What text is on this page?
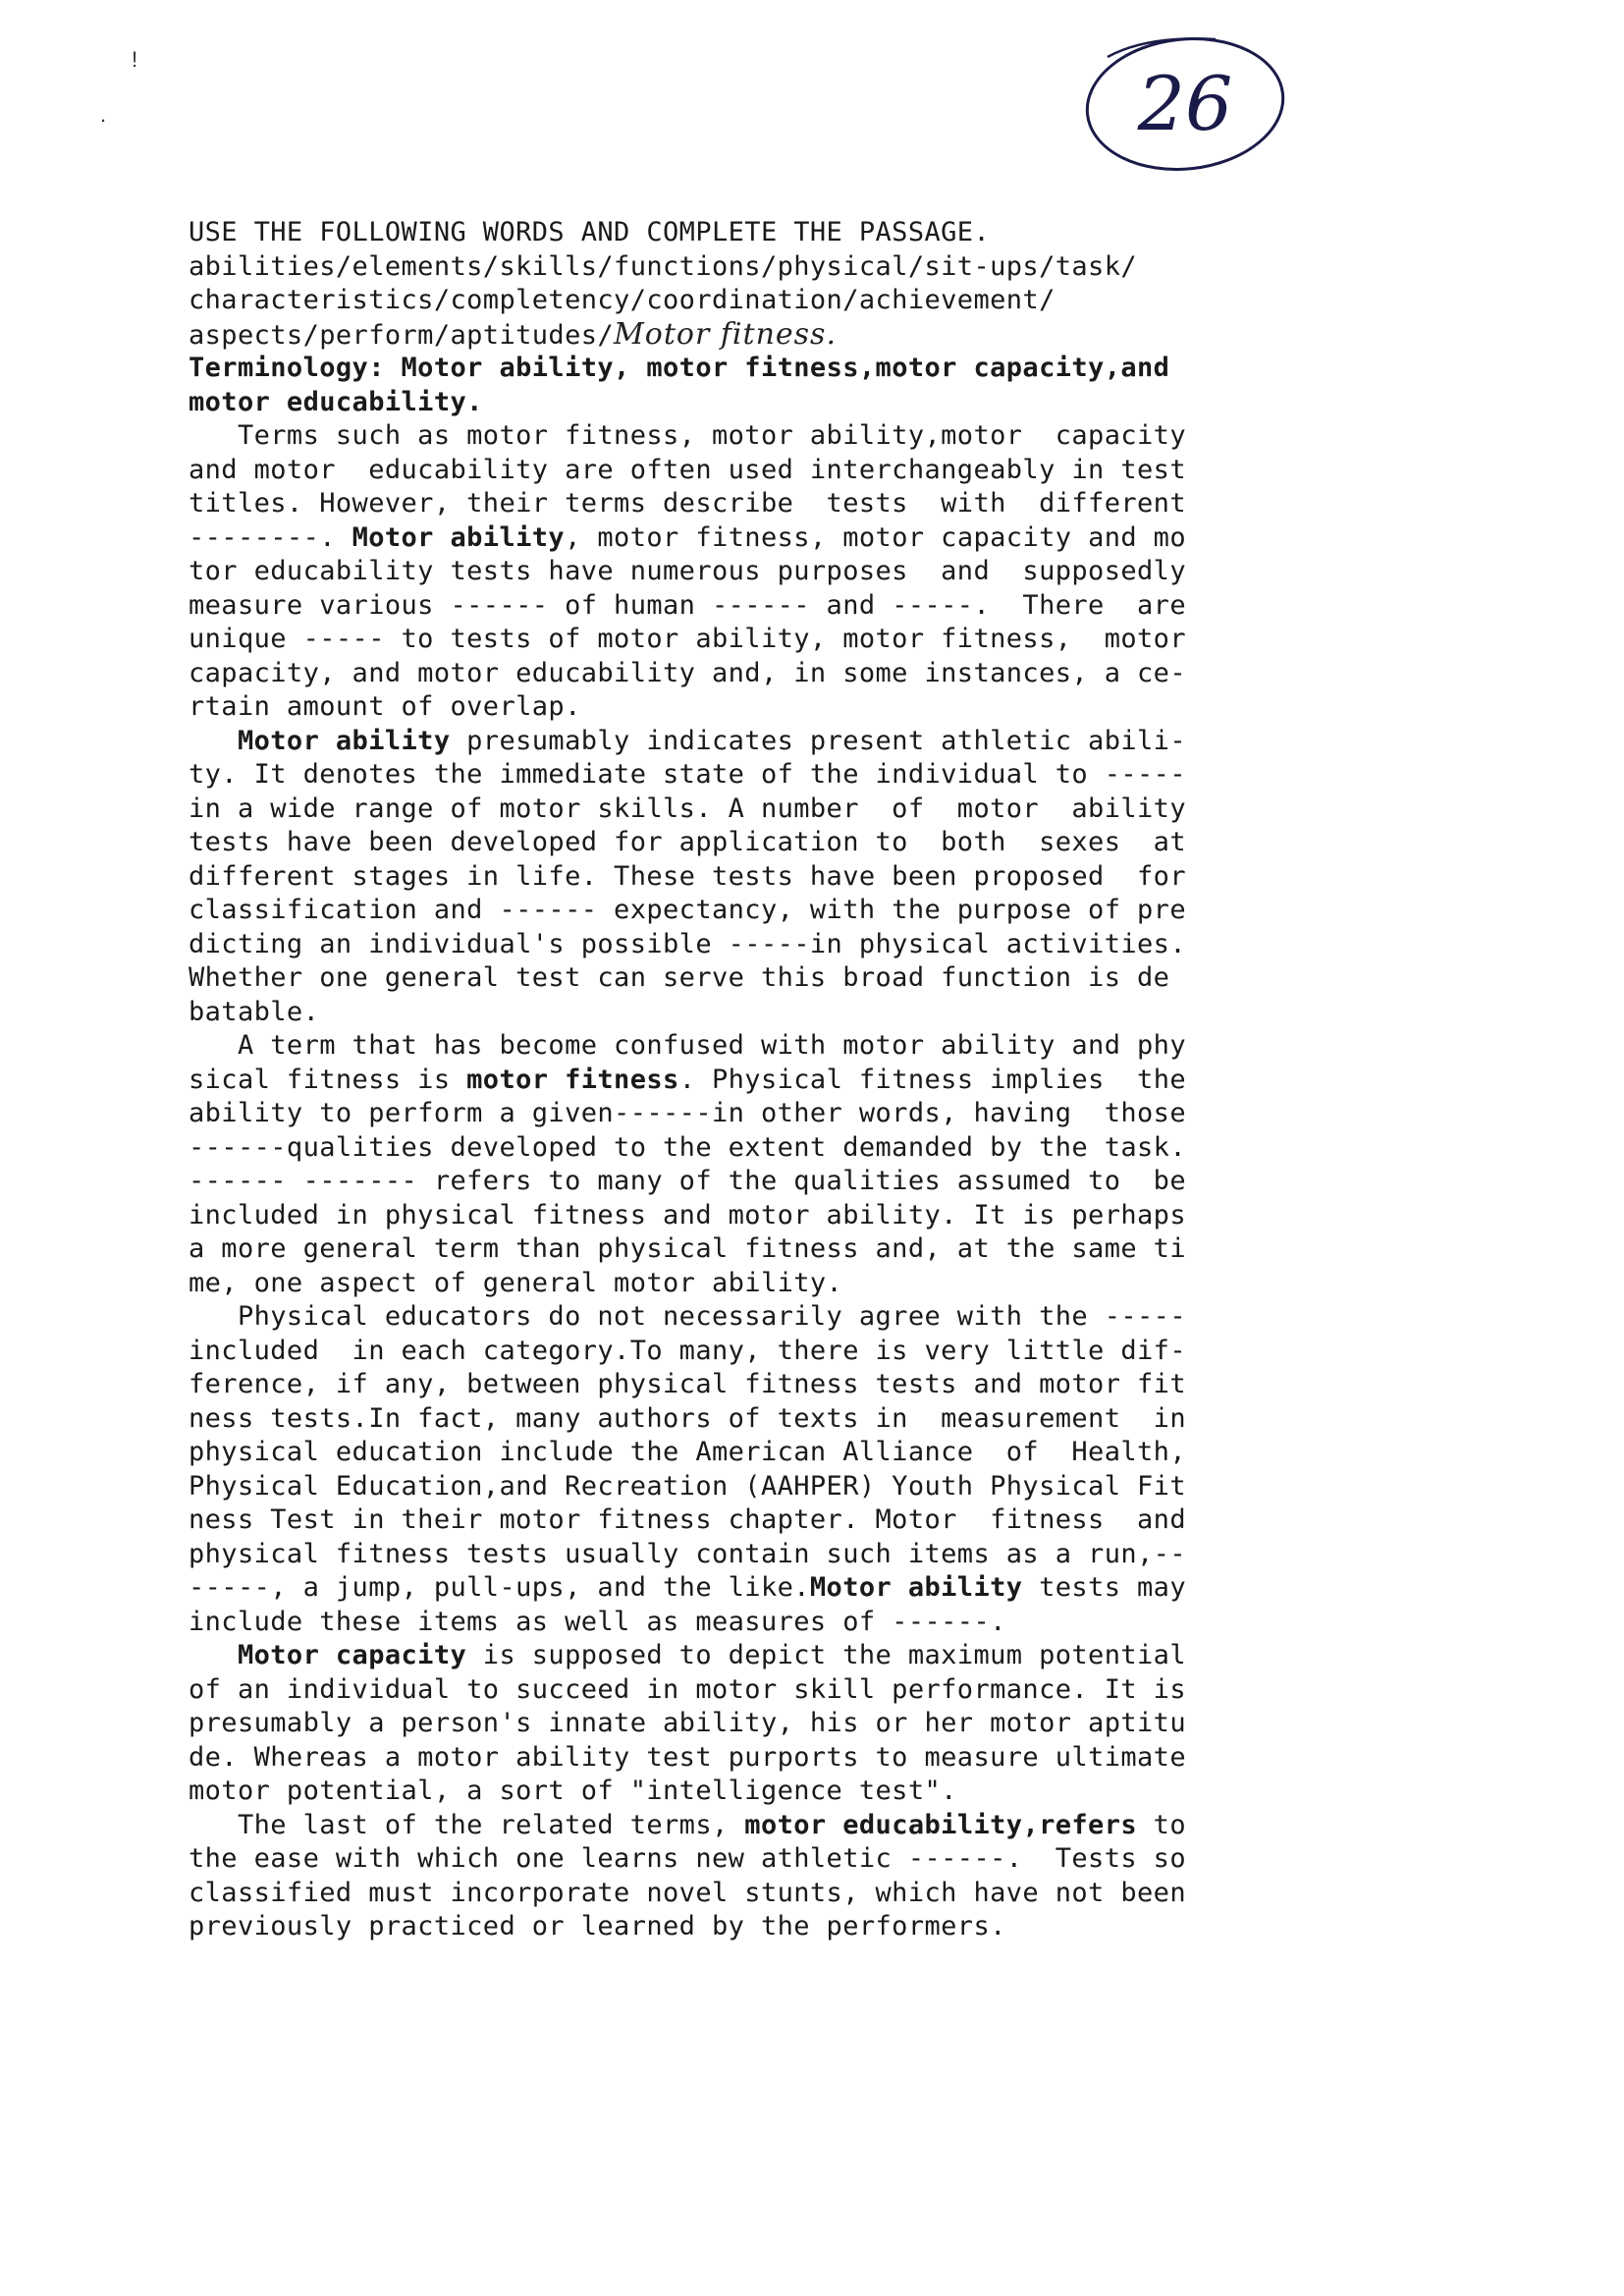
!
.	26
USE THE FOLLOWING WORDS AND COMPLETE THE PASSAGE.
abilities/elements/skills/functions/physical/sit-ups/task/
characteristics/completency/coordination/achievement/
aspects/perform/aptitudes/Motor fitness.
Terminology: Motor ability, motor fitness,motor capacity,and
motor educability.
Terms such as motor fitness, motor ability,motor  capacity
and motor  educability are often used interchangeably in test
titles. However, their terms describe  tests  with  different
--------. Motor ability, motor fitness, motor capacity and mo
tor educability tests have numerous purposes  and  supposedly
measure various ------ of human ------ and -----.  There  are
unique ----- to tests of motor ability, motor fitness,  motor
capacity, and motor educability and, in some instances, a ce-
rtain amount of overlap.
Motor ability presumably indicates present athletic abili-
ty. It denotes the immediate state of the individual to -----
in a wide range of motor skills. A number  of  motor  ability
tests have been developed for application to  both  sexes  at
different stages in life. These tests have been proposed  for
classification and ------ expectancy, with the purpose of pre
dicting an individual's possible -----in physical activities.
Whether one general test can serve this broad function is de
batable.
A term that has become confused with motor ability and phy
sical fitness is motor fitness. Physical fitness implies  the
ability to perform a given------in other words, having  those
------qualities developed to the extent demanded by the task.
------ ------- refers to many of the qualities assumed to  be
included in physical fitness and motor ability. It is perhaps
a more general term than physical fitness and, at the same ti
me, one aspect of general motor ability.
Physical educators do not necessarily agree with the -----
included  in each category.To many, there is very little dif-
ference, if any, between physical fitness tests and motor fit
ness tests.In fact, many authors of texts in  measurement  in
physical education include the American Alliance  of  Health,
Physical Education,and Recreation (AAHPER) Youth Physical Fit
ness Test in their motor fitness chapter. Motor  fitness  and
physical fitness tests usually contain such items as a run,--
-----, a jump, pull-ups, and the like.Motor ability tests may
include these items as well as measures of ------.
Motor capacity is supposed to depict the maximum potential
of an individual to succeed in motor skill performance. It is
presumably a person's innate ability, his or her motor aptitu
de. Whereas a motor ability test purports to measure ultimate
motor potential, a sort of "intelligence test".
The last of the related terms, motor educability,refers to
the ease with which one learns new athletic ------.  Tests so
classified must incorporate novel stunts, which have not been
previously practiced or learned by the performers.
